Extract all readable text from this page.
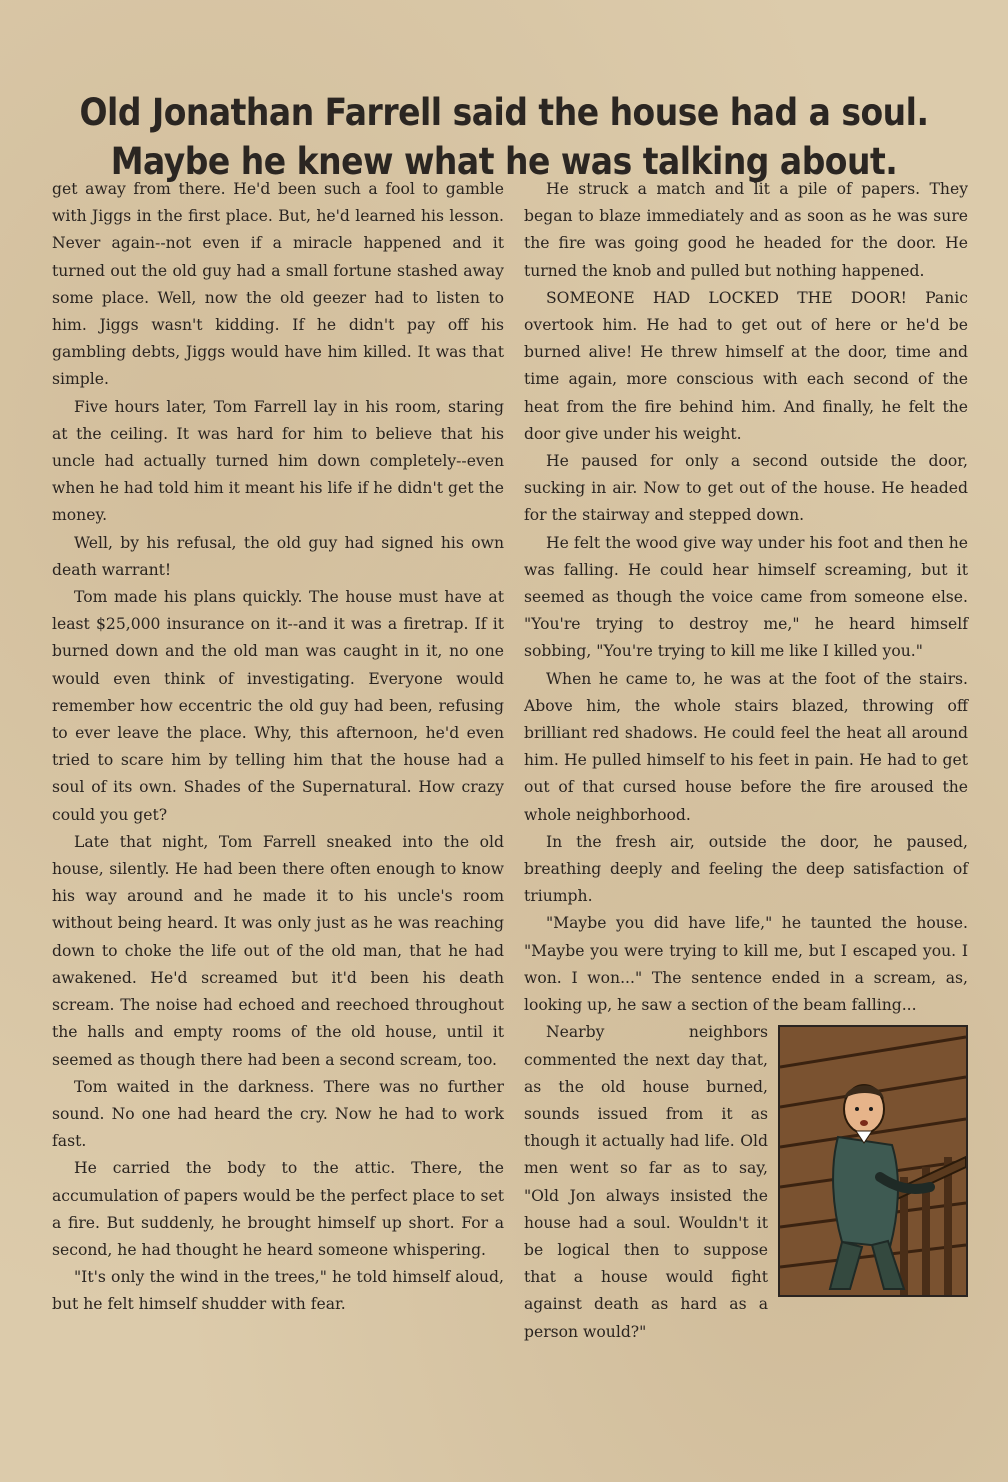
Old Jonathan Farrell said the house had a soul.
Maybe he knew what he was talking about.

get away from there. He'd been such a fool to gamble with Jiggs in the first place. But, he'd learned his lesson. Never again--not even if a miracle happened and it turned out the old guy had a small fortune stashed away some place. Well, now the old geezer had to listen to him. Jiggs wasn't kidding. If he didn't pay off his gambling debts, Jiggs would have him killed. It was that simple.

Five hours later, Tom Farrell lay in his room, staring at the ceiling. It was hard for him to believe that his uncle had actually turned him down completely--even when he had told him it meant his life if he didn't get the money.

Well, by his refusal, the old guy had signed his own death warrant!

Tom made his plans quickly. The house must have at least $25,000 insurance on it--and it was a firetrap. If it burned down and the old man was caught in it, no one would even think of investigating. Everyone would remember how eccentric the old guy had been, refusing to ever leave the place. Why, this afternoon, he'd even tried to scare him by telling him that the house had a soul of its own. Shades of the Supernatural. How crazy could you get?

Late that night, Tom Farrell sneaked into the old house, silently. He had been there often enough to know his way around and he made it to his uncle's room without being heard. It was only just as he was reaching down to choke the life out of the old man, that he had awakened. He'd screamed but it'd been his death scream. The noise had echoed and reechoed throughout the halls and empty rooms of the old house, until it seemed as though there had been a second scream, too.

Tom waited in the darkness. There was no further sound. No one had heard the cry. Now he had to work fast.

He carried the body to the attic. There, the accumulation of papers would be the perfect place to set a fire. But suddenly, he brought himself up short. For a second, he had thought he heard someone whispering.

"It's only the wind in the trees," he told himself aloud, but he felt himself shudder with fear.

He struck a match and lit a pile of papers. They began to blaze immediately and as soon as he was sure the fire was going good he headed for the door. He turned the knob and pulled but nothing happened.

SOMEONE HAD LOCKED THE DOOR! Panic overtook him. He had to get out of here or he'd be burned alive! He threw himself at the door, time and time again, more conscious with each second of the heat from the fire behind him. And finally, he felt the door give under his weight.

He paused for only a second outside the door, sucking in air. Now to get out of the house. He headed for the stairway and stepped down.

He felt the wood give way under his foot and then he was falling. He could hear himself screaming, but it seemed as though the voice came from someone else. "You're trying to destroy me," he heard himself sobbing, "You're trying to kill me like I killed you."

When he came to, he was at the foot of the stairs. Above him, the whole stairs blazed, throwing off brilliant red shadows. He could feel the heat all around him. He pulled himself to his feet in pain. He had to get out of that cursed house before the fire aroused the whole neighborhood.

In the fresh air, outside the door, he paused, breathing deeply and feeling the deep satisfaction of triumph.

"Maybe you did have life," he taunted the house. "Maybe you were trying to kill me, but I escaped you. I won. I won..." The sentence ended in a scream, as, looking up, he saw a section of the beam falling...

Nearby neighbors commented the next day that, as the old house burned, sounds issued from it as though it actually had life. Old men went so far as to say, "Old Jon always insisted the house had a soul. Wouldn't it be logical then to suppose that a house would fight against death as hard as a person would?"
